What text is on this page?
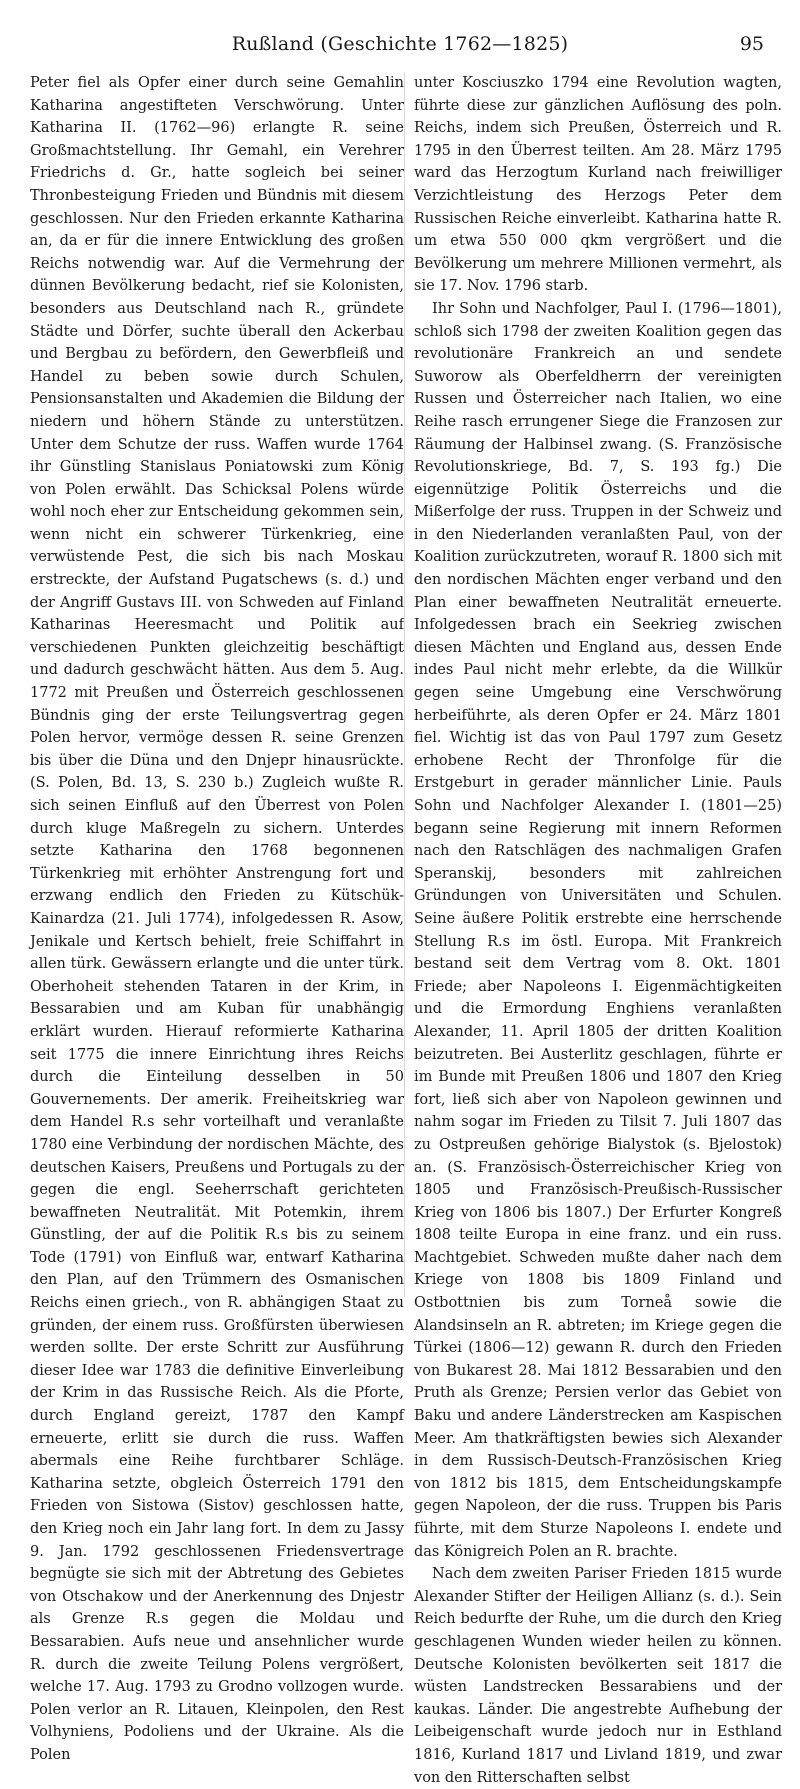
Rußland (Geschichte 1762—1825)	95

Peter fiel als Opfer einer durch seine Gemahlin Katharina angestifteten Verschwörung. Unter Katharina II. (1762—96) erlangte R. seine Großmachtstellung. Ihr Gemahl, ein Verehrer Friedrichs d. Gr., hatte sogleich bei seiner Thronbesteigung Frieden und Bündnis mit diesem geschlossen. Nur den Frieden erkannte Katharina an, da er für die innere Entwicklung des großen Reichs notwendig war. Auf die Vermehrung der dünnen Bevölkerung bedacht, rief sie Kolonisten, besonders aus Deutschland nach R., gründete Städte und Dörfer, suchte überall den Ackerbau und Bergbau zu befördern, den Gewerbfleiß und Handel zu beben sowie durch Schulen, Pensionsanstalten und Akademien die Bildung der niedern und höhern Stände zu unterstützen. Unter dem Schutze der russ. Waffen wurde 1764 ihr Günstling Stanislaus Poniatowski zum König von Polen erwählt. Das Schicksal Polens würde wohl noch eher zur Entscheidung gekommen sein, wenn nicht ein schwerer Türkenkrieg, eine verwüstende Pest, die sich bis nach Moskau erstreckte, der Aufstand Pugatschews (s. d.) und der Angriff Gustavs III. von Schweden auf Finland Katharinas Heeresmacht und Politik auf verschiedenen Punkten gleichzeitig beschäftigt und dadurch geschwächt hätten. Aus dem 5. Aug. 1772 mit Preußen und Österreich geschlossenen Bündnis ging der erste Teilungsvertrag gegen Polen hervor, vermöge dessen R. seine Grenzen bis über die Düna und den Dnjepr hinausrückte. (S. Polen, Bd. 13, S. 230 b.) Zugleich wußte R. sich seinen Einfluß auf den Überrest von Polen durch kluge Maßregeln zu sichern. Unterdes setzte Katharina den 1768 begonnenen Türkenkrieg mit erhöhter Anstrengung fort und erzwang endlich den Frieden zu Kütschük-Kainardza (21. Juli 1774), infolgedessen R. Asow, Jenikale und Kertsch behielt, freie Schiffahrt in allen türk. Gewässern erlangte und die unter türk. Oberhoheit stehenden Tataren in der Krim, in Bessarabien und am Kuban für unabhängig erklärt wurden. Hierauf reformierte Katharina seit 1775 die innere Einrichtung ihres Reichs durch die Einteilung desselben in 50 Gouvernements. Der amerik. Freiheitskrieg war dem Handel R.s sehr vorteilhaft und veranlaßte 1780 eine Verbindung der nordischen Mächte, des deutschen Kaisers, Preußens und Portugals zu der gegen die engl. Seeherrschaft gerichteten bewaffneten Neutralität. Mit Potemkin, ihrem Günstling, der auf die Politik R.s bis zu seinem Tode (1791) von Einfluß war, entwarf Katharina den Plan, auf den Trümmern des Osmanischen Reichs einen griech., von R. abhängigen Staat zu gründen, der einem russ. Großfürsten überwiesen werden sollte. Der erste Schritt zur Ausführung dieser Idee war 1783 die definitive Einverleibung der Krim in das Russische Reich. Als die Pforte, durch England gereizt, 1787 den Kampf erneuerte, erlitt sie durch die russ. Waffen abermals eine Reihe furchtbarer Schläge. Katharina setzte, obgleich Österreich 1791 den Frieden von Sistowa (Sistov) geschlossen hatte, den Krieg noch ein Jahr lang fort. In dem zu Jassy 9. Jan. 1792 geschlossenen Friedensvertrage begnügte sie sich mit der Abtretung des Gebietes von Otschakow und der Anerkennung des Dnjestr als Grenze R.s gegen die Moldau und Bessarabien. Aufs neue und ansehnlicher wurde R. durch die zweite Teilung Polens vergrößert, welche 17. Aug. 1793 zu Grodno vollzogen wurde. Polen verlor an R. Litauen, Kleinpolen, den Rest Volhyniens, Podoliens und der Ukraine. Als die Polen

unter Kosciuszko 1794 eine Revolution wagten, führte diese zur gänzlichen Auflösung des poln. Reichs, indem sich Preußen, Österreich und R. 1795 in den Überrest teilten. Am 28. März 1795 ward das Herzogtum Kurland nach freiwilliger Verzichtleistung des Herzogs Peter dem Russischen Reiche einverleibt. Katharina hatte R. um etwa 550 000 qkm vergrößert und die Bevölkerung um mehrere Millionen vermehrt, als sie 17. Nov. 1796 starb.

Ihr Sohn und Nachfolger, Paul I. (1796—1801), schloß sich 1798 der zweiten Koalition gegen das revolutionäre Frankreich an und sendete Suworow als Oberfeldherrn der vereinigten Russen und Österreicher nach Italien, wo eine Reihe rasch errungener Siege die Franzosen zur Räumung der Halbinsel zwang. (S. Französische Revolutionskriege, Bd. 7, S. 193 fg.) Die eigennützige Politik Österreichs und die Mißerfolge der russ. Truppen in der Schweiz und in den Niederlanden veranlaßten Paul, von der Koalition zurückzutreten, worauf R. 1800 sich mit den nordischen Mächten enger verband und den Plan einer bewaffneten Neutralität erneuerte. Infolgedessen brach ein Seekrieg zwischen diesen Mächten und England aus, dessen Ende indes Paul nicht mehr erlebte, da die Willkür gegen seine Umgebung eine Verschwörung herbeiführte, als deren Opfer er 24. März 1801 fiel. Wichtig ist das von Paul 1797 zum Gesetz erhobene Recht der Thronfolge für die Erstgeburt in gerader männlicher Linie. Pauls Sohn und Nachfolger Alexander I. (1801—25) begann seine Regierung mit innern Reformen nach den Ratschlägen des nachmaligen Grafen Speranskij, besonders mit zahlreichen Gründungen von Universitäten und Schulen. Seine äußere Politik erstrebte eine herrschende Stellung R.s im östl. Europa. Mit Frankreich bestand seit dem Vertrag vom 8. Okt. 1801 Friede; aber Napoleons I. Eigenmächtigkeiten und die Ermordung Enghiens veranlaßten Alexander, 11. April 1805 der dritten Koalition beizutreten. Bei Austerlitz geschlagen, führte er im Bunde mit Preußen 1806 und 1807 den Krieg fort, ließ sich aber von Napoleon gewinnen und nahm sogar im Frieden zu Tilsit 7. Juli 1807 das zu Ostpreußen gehörige Bialystok (s. Bjelostok) an. (S. Französisch-Österreichischer Krieg von 1805 und Französisch-Preußisch-Russischer Krieg von 1806 bis 1807.) Der Erfurter Kongreß 1808 teilte Europa in eine franz. und ein russ. Machtgebiet. Schweden mußte daher nach dem Kriege von 1808 bis 1809 Finland und Ostbottnien bis zum Torneå sowie die Alandsinseln an R. abtreten; im Kriege gegen die Türkei (1806—12) gewann R. durch den Frieden von Bukarest 28. Mai 1812 Bessarabien und den Pruth als Grenze; Persien verlor das Gebiet von Baku und andere Länderstrecken am Kaspischen Meer. Am thatkräftigsten bewies sich Alexander in dem Russisch-Deutsch-Französischen Krieg von 1812 bis 1815, dem Entscheidungskampfe gegen Napoleon, der die russ. Truppen bis Paris führte, mit dem Sturze Napoleons I. endete und das Königreich Polen an R. brachte.

Nach dem zweiten Pariser Frieden 1815 wurde Alexander Stifter der Heiligen Allianz (s. d.). Sein Reich bedurfte der Ruhe, um die durch den Krieg geschlagenen Wunden wieder heilen zu können. Deutsche Kolonisten bevölkerten seit 1817 die wüsten Landstrecken Bessarabiens und der kaukas. Länder. Die angestrebte Aufhebung der Leibeigenschaft wurde jedoch nur in Esthland 1816, Kurland 1817 und Livland 1819, und zwar von den Ritterschaften selbst
